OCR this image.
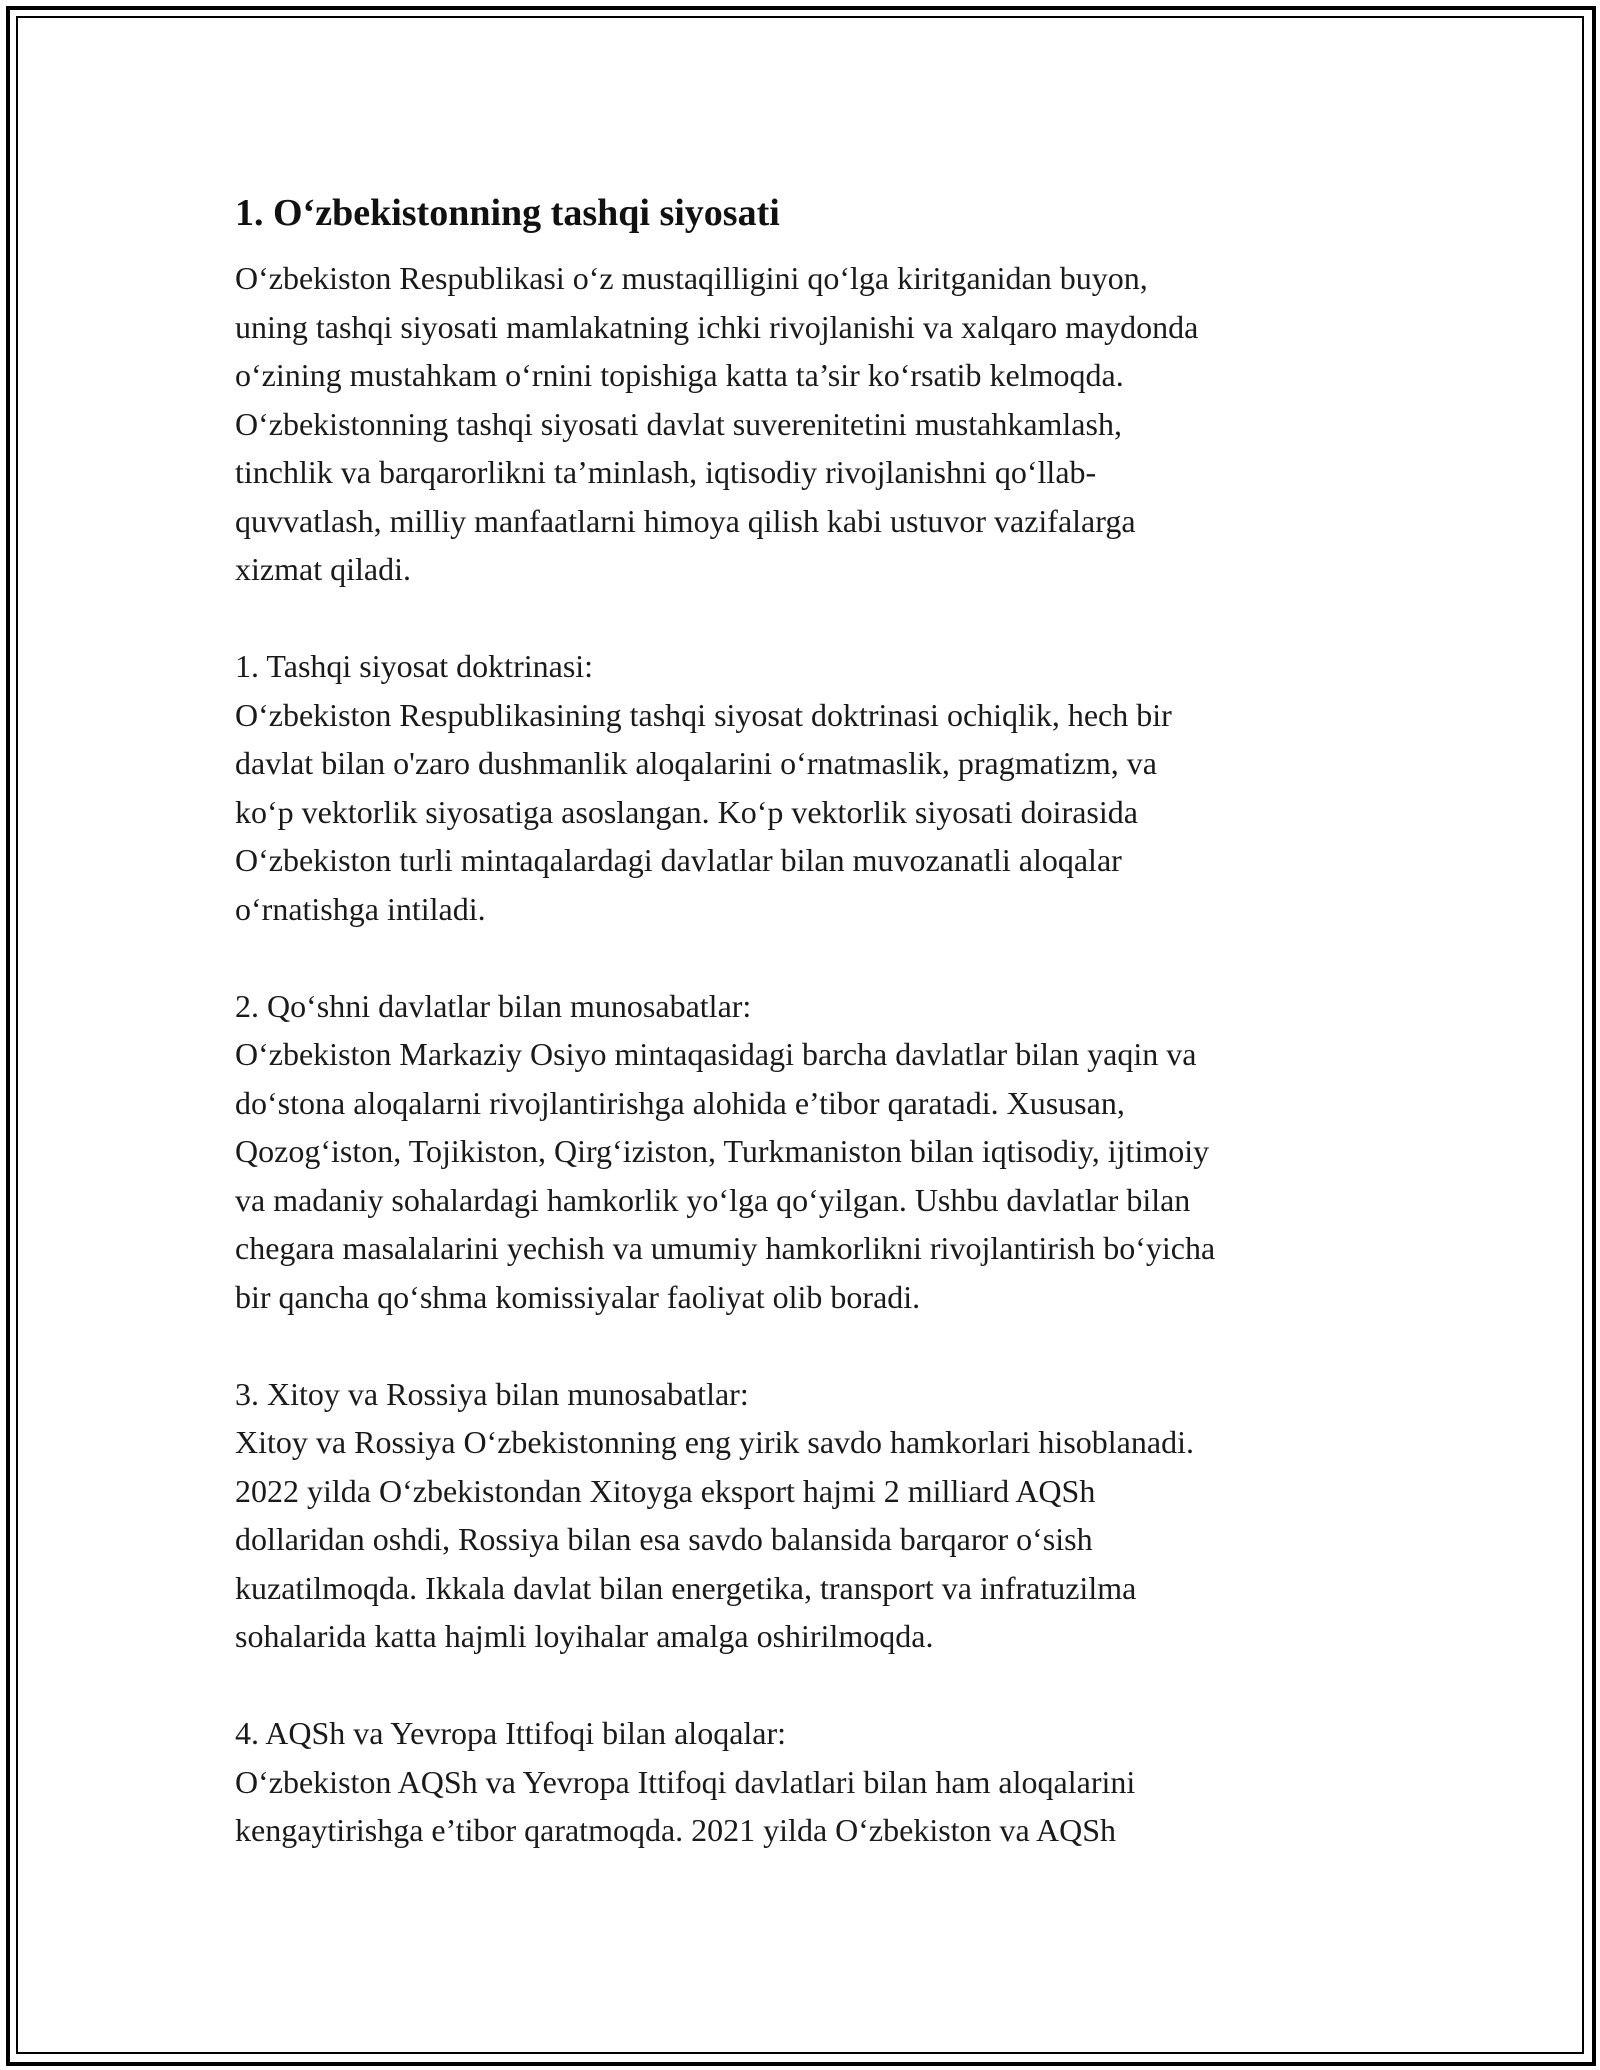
1. O‘zbekistonning tashqi siyosati

O‘zbekiston Respublikasi o‘z mustaqilligini qo‘lga kiritganidan buyon,
uning tashqi siyosati mamlakatning ichki rivojlanishi va xalqaro maydonda
o‘zining mustahkam o‘rnini topishiga katta ta’sir ko‘rsatib kelmoqda.
O‘zbekistonning tashqi siyosati davlat suverenitetini mustahkamlash,
tinchlik va barqarorlikni ta’minlash, iqtisodiy rivojlanishni qo‘llab-
quvvatlash, milliy manfaatlarni himoya qilish kabi ustuvor vazifalarga
xizmat qiladi.

1. Tashqi siyosat doktrinasi:

O‘zbekiston Respublikasining tashqi siyosat doktrinasi ochiqlik, hech bir
davlat bilan o'zaro dushmanlik aloqalarini o‘rnatmaslik, pragmatizm, va
ko‘p vektorlik siyosatiga asoslangan. Ko‘p vektorlik siyosati doirasida
O‘zbekiston turli mintaqalardagi davlatlar bilan muvozanatli aloqalar
o‘rnatishga intiladi.

2. Qo‘shni davlatlar bilan munosabatlar:

O‘zbekiston Markaziy Osiyo mintaqasidagi barcha davlatlar bilan yaqin va
do‘stona aloqalarni rivojlantirishga alohida e’tibor qaratadi. Xususan,
Qozog‘iston, Tojikiston, Qirg‘iziston, Turkmaniston bilan iqtisodiy, ijtimoiy
va madaniy sohalardagi hamkorlik yo‘lga qo‘yilgan. Ushbu davlatlar bilan
chegara masalalarini yechish va umumiy hamkorlikni rivojlantirish bo‘yicha
bir qancha qo‘shma komissiyalar faoliyat olib boradi.

3. Xitoy va Rossiya bilan munosabatlar:

Xitoy va Rossiya O‘zbekistonning eng yirik savdo hamkorlari hisoblanadi.
2022 yilda O‘zbekistondan Xitoyga eksport hajmi 2 milliard AQSh
dollaridan oshdi, Rossiya bilan esa savdo balansida barqaror o‘sish
kuzatilmoqda. Ikkala davlat bilan energetika, transport va infratuzilma
sohalarida katta hajmli loyihalar amalga oshirilmoqda.

4. AQSh va Yevropa Ittifoqi bilan aloqalar:

O‘zbekiston AQSh va Yevropa Ittifoqi davlatlari bilan ham aloqalarini
kengaytirishga e’tibor qaratmoqda. 2021 yilda O‘zbekiston va AQSh
